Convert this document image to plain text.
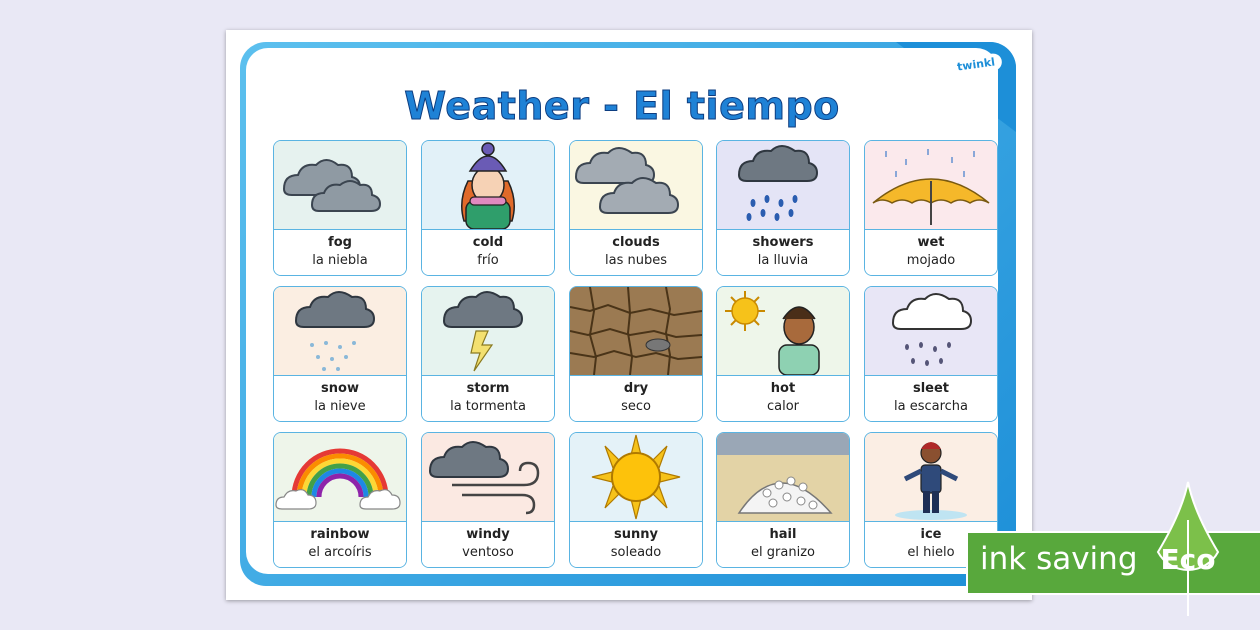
Weather - El tiempo
fog
la niebla
cold
frío
clouds
las nubes
showers
la lluvia
wet
mojado
snow
la nieve
storm
la tormenta
dry
seco
hot
calor
sleet
la escarcha
rainbow
el arcoíris
windy
ventoso
sunny
soleado
hail
el granizo
ice
el hielo
twinkl
ink saving Eco
